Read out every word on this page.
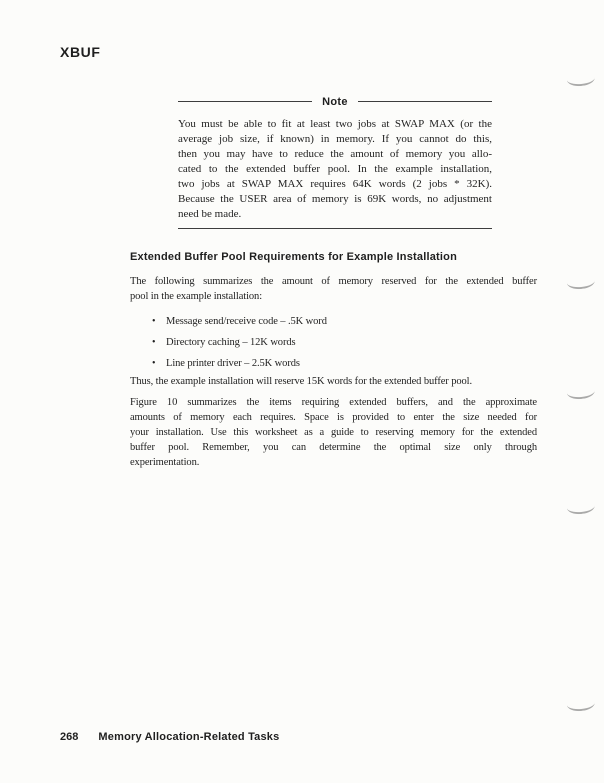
XBUF
Note
You must be able to fit at least two jobs at SWAP MAX (or the
average job size, if known) in memory. If you cannot do this,
then you may have to reduce the amount of memory you allo-
cated to the extended buffer pool. In the example installation,
two jobs at SWAP MAX requires 64K words (2 jobs * 32K).
Because the USER area of memory is 69K words, no adjustment
need be made.
Extended Buffer Pool Requirements for Example Installation
The following summarizes the amount of memory reserved for the extended buffer
pool in the example installation:
•	Message send/receive code – .5K word
•	Directory caching – 12K words
•	Line printer driver – 2.5K words
Thus, the example installation will reserve 15K words for the extended buffer pool.
Figure 10 summarizes the items requiring extended buffers, and the approximate
amounts of memory each requires. Space is provided to enter the size needed for
your installation. Use this worksheet as a guide to reserving memory for the extended
buffer pool. Remember, you can determine the optimal size only through
experimentation.
268 Memory Allocation-Related Tasks
